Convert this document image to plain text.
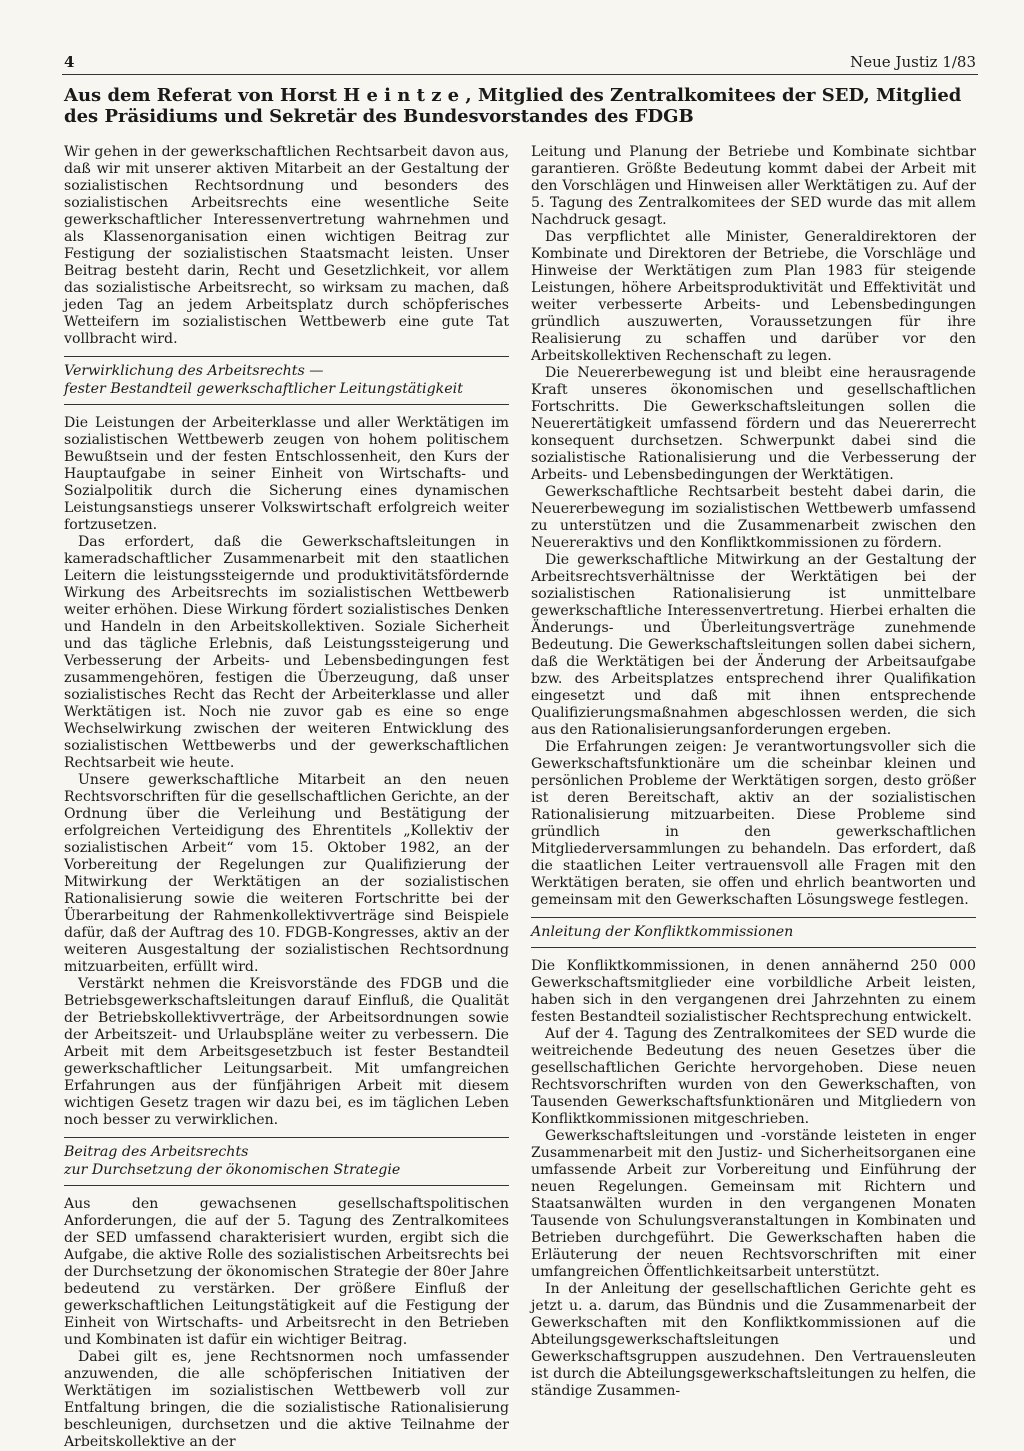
4	Neue Justiz 1/83
Aus dem Referat von Horst H e i n t z e , Mitglied des Zentralkomitees der SED, Mitglied des Präsidiums und Sekretär des Bundesvorstandes des FDGB

Wir gehen in der gewerkschaftlichen Rechtsarbeit davon aus, daß wir mit unserer aktiven Mitarbeit an der Gestaltung der sozialistischen Rechtsordnung und besonders des sozialistischen Arbeitsrechts eine wesentliche Seite gewerkschaftlicher Interessenvertretung wahrnehmen und als Klassenorganisation einen wichtigen Beitrag zur Festigung der sozialistischen Staatsmacht leisten. Unser Beitrag besteht darin, Recht und Gesetzlichkeit, vor allem das sozialistische Arbeitsrecht, so wirksam zu machen, daß jeden Tag an jedem Arbeitsplatz durch schöpferisches Wetteifern im sozialistischen Wettbewerb eine gute Tat vollbracht wird.

Verwirklichung des Arbeitsrechts —
fester Bestandteil gewerkschaftlicher Leitungstätigkeit

Die Leistungen der Arbeiterklasse und aller Werktätigen im sozialistischen Wettbewerb zeugen von hohem politischem Bewußtsein und der festen Entschlossenheit, den Kurs der Hauptaufgabe in seiner Einheit von Wirtschafts- und Sozialpolitik durch die Sicherung eines dynamischen Leistungsanstiegs unserer Volkswirtschaft erfolgreich weiter fortzusetzen.

Das erfordert, daß die Gewerkschaftsleitungen in kameradschaftlicher Zusammenarbeit mit den staatlichen Leitern die leistungssteigernde und produktivitätsfördernde Wirkung des Arbeitsrechts im sozialistischen Wettbewerb weiter erhöhen. Diese Wirkung fördert sozialistisches Denken und Handeln in den Arbeitskollektiven. Soziale Sicherheit und das tägliche Erlebnis, daß Leistungssteigerung und Verbesserung der Arbeits- und Lebensbedingungen fest zusammengehören, festigen die Überzeugung, daß unser sozialistisches Recht das Recht der Arbeiterklasse und aller Werktätigen ist. Noch nie zuvor gab es eine so enge Wechselwirkung zwischen der weiteren Entwicklung des sozialistischen Wettbewerbs und der gewerkschaftlichen Rechtsarbeit wie heute.

Unsere gewerkschaftliche Mitarbeit an den neuen Rechtsvorschriften für die gesellschaftlichen Gerichte, an der Ordnung über die Verleihung und Bestätigung der erfolgreichen Verteidigung des Ehrentitels „Kollektiv der sozialistischen Arbeit“ vom 15. Oktober 1982, an der Vorbereitung der Regelungen zur Qualifizierung der Mitwirkung der Werktätigen an der sozialistischen Rationalisierung sowie die weiteren Fortschritte bei der Überarbeitung der Rahmenkollektivverträge sind Beispiele dafür, daß der Auftrag des 10. FDGB-Kongresses, aktiv an der weiteren Ausgestaltung der sozialistischen Rechtsordnung mitzuarbeiten, erfüllt wird.

Verstärkt nehmen die Kreisvorstände des FDGB und die Betriebsgewerkschaftsleitungen darauf Einfluß, die Qualität der Betriebskollektivverträge, der Arbeitsordnungen sowie der Arbeitszeit- und Urlaubspläne weiter zu verbessern. Die Arbeit mit dem Arbeitsgesetzbuch ist fester Bestandteil gewerkschaftlicher Leitungsarbeit. Mit umfangreichen Erfahrungen aus der fünfjährigen Arbeit mit diesem wichtigen Gesetz tragen wir dazu bei, es im täglichen Leben noch besser zu verwirklichen.

Beitrag des Arbeitsrechts
zur Durchsetzung der ökonomischen Strategie

Aus den gewachsenen gesellschaftspolitischen Anforderungen, die auf der 5. Tagung des Zentralkomitees der SED umfassend charakterisiert wurden, ergibt sich die Aufgabe, die aktive Rolle des sozialistischen Arbeitsrechts bei der Durchsetzung der ökonomischen Strategie der 80er Jahre bedeutend zu verstärken. Der größere Einfluß der gewerkschaftlichen Leitungstätigkeit auf die Festigung der Einheit von Wirtschafts- und Arbeitsrecht in den Betrieben und Kombinaten ist dafür ein wichtiger Beitrag.

Dabei gilt es, jene Rechtsnormen noch umfassender anzuwenden, die alle schöpferischen Initiativen der Werktätigen im sozialistischen Wettbewerb voll zur Entfaltung bringen, die die sozialistische Rationalisierung beschleunigen, durchsetzen und die aktive Teilnahme der Arbeitskollektive an der

Leitung und Planung der Betriebe und Kombinate sichtbar garantieren. Größte Bedeutung kommt dabei der Arbeit mit den Vorschlägen und Hinweisen aller Werktätigen zu. Auf der 5. Tagung des Zentralkomitees der SED wurde das mit allem Nachdruck gesagt.

Das verpflichtet alle Minister, Generaldirektoren der Kombinate und Direktoren der Betriebe, die Vorschläge und Hinweise der Werktätigen zum Plan 1983 für steigende Leistungen, höhere Arbeitsproduktivität und Effektivität und weiter verbesserte Arbeits- und Lebensbedingungen gründlich auszuwerten, Voraussetzungen für ihre Realisierung zu schaffen und darüber vor den Arbeitskollektiven Rechenschaft zu legen.

Die Neuererbewegung ist und bleibt eine herausragende Kraft unseres ökonomischen und gesellschaftlichen Fortschritts. Die Gewerkschaftsleitungen sollen die Neuerertätigkeit umfassend fördern und das Neuererrecht konsequent durchsetzen. Schwerpunkt dabei sind die sozialistische Rationalisierung und die Verbesserung der Arbeits- und Lebensbedingungen der Werktätigen.

Gewerkschaftliche Rechtsarbeit besteht dabei darin, die Neuererbewegung im sozialistischen Wettbewerb umfassend zu unterstützen und die Zusammenarbeit zwischen den Neuereraktivs und den Konfliktkommissionen zu fördern.

Die gewerkschaftliche Mitwirkung an der Gestaltung der Arbeitsrechtsverhältnisse der Werktätigen bei der sozialistischen Rationalisierung ist unmittelbare gewerkschaftliche Interessenvertretung. Hierbei erhalten die Änderungs- und Überleitungsverträge zunehmende Bedeutung. Die Gewerkschaftsleitungen sollen dabei sichern, daß die Werktätigen bei der Änderung der Arbeitsaufgabe bzw. des Arbeitsplatzes entsprechend ihrer Qualifikation eingesetzt und daß mit ihnen entsprechende Qualifizierungsmaßnahmen abgeschlossen werden, die sich aus den Rationalisierungsanforderungen ergeben.

Die Erfahrungen zeigen: Je verantwortungsvoller sich die Gewerkschaftsfunktionäre um die scheinbar kleinen und persönlichen Probleme der Werktätigen sorgen, desto größer ist deren Bereitschaft, aktiv an der sozialistischen Rationalisierung mitzuarbeiten. Diese Probleme sind gründlich in den gewerkschaftlichen Mitgliederversammlungen zu behandeln. Das erfordert, daß die staatlichen Leiter vertrauensvoll alle Fragen mit den Werktätigen beraten, sie offen und ehrlich beantworten und gemeinsam mit den Gewerkschaften Lösungswege festlegen.

Anleitung der Konfliktkommissionen

Die Konfliktkommissionen, in denen annähernd 250 000 Gewerkschaftsmitglieder eine vorbildliche Arbeit leisten, haben sich in den vergangenen drei Jahrzehnten zu einem festen Bestandteil sozialistischer Rechtsprechung entwickelt.

Auf der 4. Tagung des Zentralkomitees der SED wurde die weitreichende Bedeutung des neuen Gesetzes über die gesellschaftlichen Gerichte hervorgehoben. Diese neuen Rechtsvorschriften wurden von den Gewerkschaften, von Tausenden Gewerkschaftsfunktionären und Mitgliedern von Konfliktkommissionen mitgeschrieben.

Gewerkschaftsleitungen und -vorstände leisteten in enger Zusammenarbeit mit den Justiz- und Sicherheitsorganen eine umfassende Arbeit zur Vorbereitung und Einführung der neuen Regelungen. Gemeinsam mit Richtern und Staatsanwälten wurden in den vergangenen Monaten Tausende von Schulungsveranstaltungen in Kombinaten und Betrieben durchgeführt. Die Gewerkschaften haben die Erläuterung der neuen Rechtsvorschriften mit einer umfangreichen Öffentlichkeitsarbeit unterstützt.

In der Anleitung der gesellschaftlichen Gerichte geht es jetzt u. a. darum, das Bündnis und die Zusammenarbeit der Gewerkschaften mit den Konfliktkommissionen auf die Abteilungsgewerkschaftsleitungen und Gewerkschaftsgruppen auszudehnen. Den Vertrauensleuten ist durch die Abteilungsgewerkschaftsleitungen zu helfen, die ständige Zusammen-
